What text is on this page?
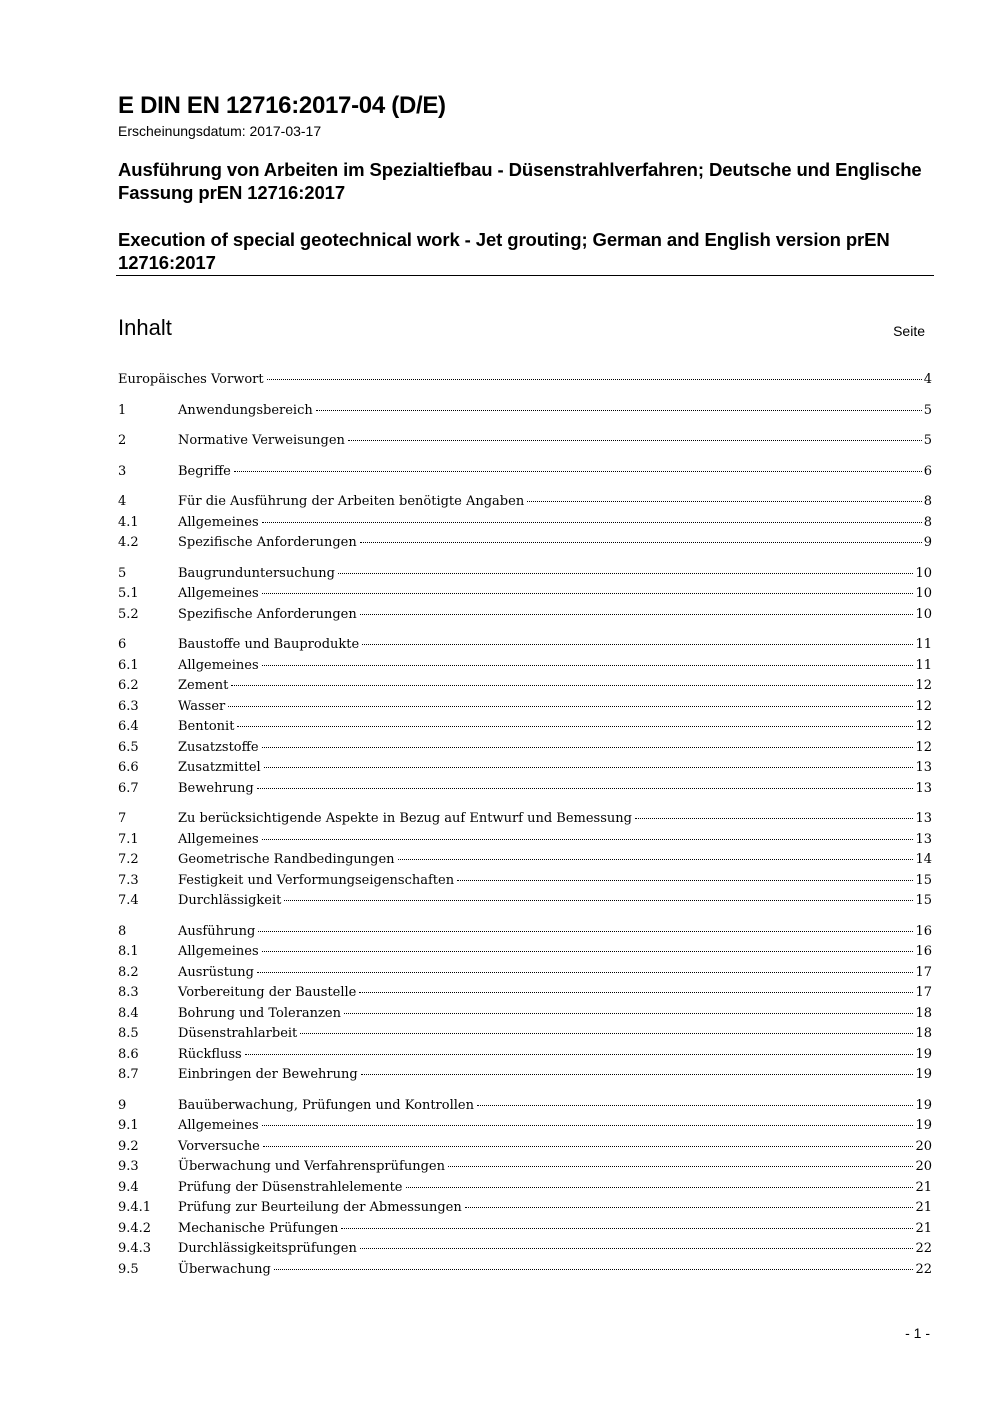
E DIN EN 12716:2017-04 (D/E)

Erscheinungsdatum: 2017-03-17

Ausführung von Arbeiten im Spezialtiefbau - Düsenstrahlverfahren; Deutsche und Englische Fassung prEN 12716:2017

Execution of special geotechnical work - Jet grouting; German and English version prEN 12716:2017

Inhalt	Seite
Europäisches Vorwort	4
1	Anwendungsbereich	5
2	Normative Verweisungen	5
3	Begriffe	6
4	Für die Ausführung der Arbeiten benötigte Angaben	8
4.1	Allgemeines	8
4.2	Spezifische Anforderungen	9
5	Baugrunduntersuchung	10
5.1	Allgemeines	10
5.2	Spezifische Anforderungen	10
6	Baustoffe und Bauprodukte	11
6.1	Allgemeines	11
6.2	Zement	12
6.3	Wasser	12
6.4	Bentonit	12
6.5	Zusatzstoffe	12
6.6	Zusatzmittel	13
6.7	Bewehrung	13
7	Zu berücksichtigende Aspekte in Bezug auf Entwurf und Bemessung	13
7.1	Allgemeines	13
7.2	Geometrische Randbedingungen	14
7.3	Festigkeit und Verformungseigenschaften	15
7.4	Durchlässigkeit	15
8	Ausführung	16
8.1	Allgemeines	16
8.2	Ausrüstung	17
8.3	Vorbereitung der Baustelle	17
8.4	Bohrung und Toleranzen	18
8.5	Düsenstrahlarbeit	18
8.6	Rückfluss	19
8.7	Einbringen der Bewehrung	19
9	Bauüberwachung, Prüfungen und Kontrollen	19
9.1	Allgemeines	19
9.2	Vorversuche	20
9.3	Überwachung und Verfahrensprüfungen	20
9.4	Prüfung der Düsenstrahlelemente	21
9.4.1	Prüfung zur Beurteilung der Abmessungen	21
9.4.2	Mechanische Prüfungen	21
9.4.3	Durchlässigkeitsprüfungen	22
9.5	Überwachung	22
- 1 -
